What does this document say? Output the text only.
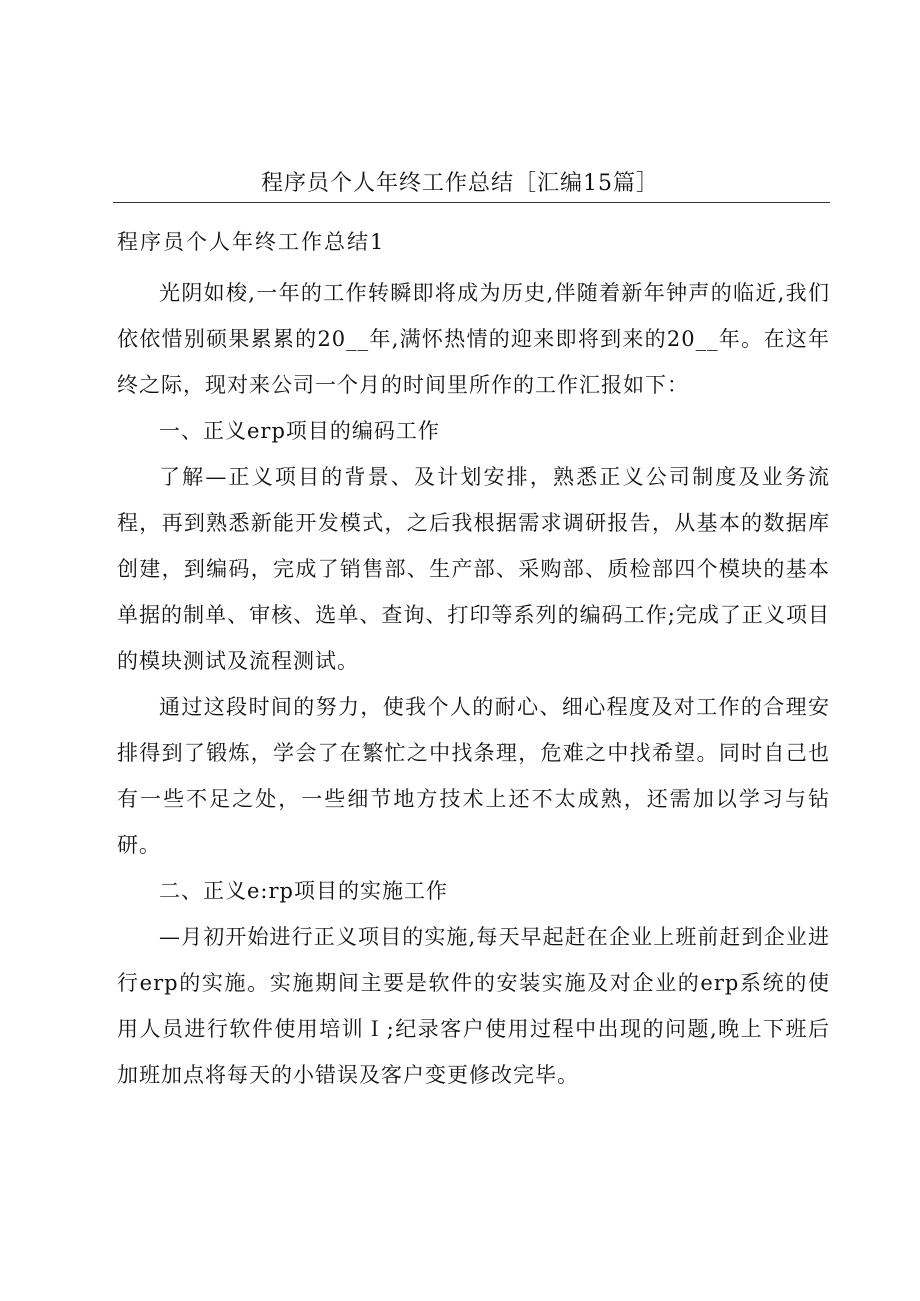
程序员个人年终工作总结［汇编15篇］
程序员个人年终工作总结1

光阴如梭,一年的工作转瞬即将成为历史,伴随着新年钟声的临近,我们依依惜别硕果累累的20__年,满怀热情的迎来即将到来的20__年。在这年终之际，现对来公司一个月的时间里所作的工作汇报如下：

一、正义erp项目的编码工作

了解—正义项目的背景、及计划安排，熟悉正义公司制度及业务流程，再到熟悉新能开发模式，之后我根据需求调研报告，从基本的数据库创建，到编码，完成了销售部、生产部、采购部、质检部四个模块的基本单据的制单、审核、选单、查询、打印等系列的编码工作;完成了正义项目的模块测试及流程测试。

通过这段时间的努力，使我个人的耐心、细心程度及对工作的合理安排得到了锻炼，学会了在繁忙之中找条理，危难之中找希望。同时自己也有一些不足之处，一些细节地方技术上还不太成熟，还需加以学习与钻研。

二、正义e:rp项目的实施工作

—月初开始进行正义项目的实施,每天早起赶在企业上班前赶到企业进行erp的实施。实施期间主要是软件的安装实施及对企业的erp系统的使用人员进行软件使用培训Ｉ;纪录客户使用过程中出现的问题,晚上下班后加班加点将每天的小错误及客户变更修改完毕。
